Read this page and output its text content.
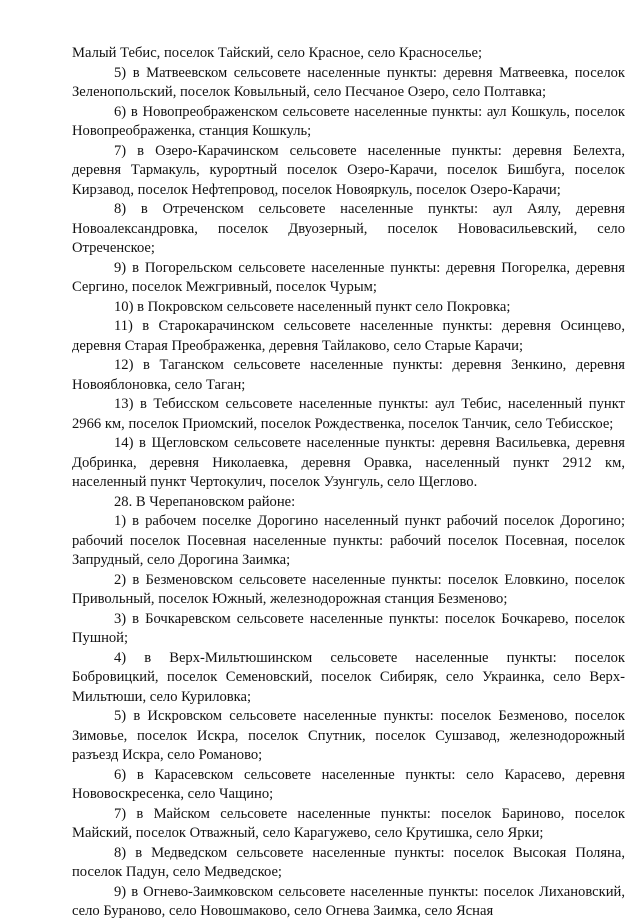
Малый Тебис, поселок Тайский, село Красное, село Красноселье;

5) в Матвеевском сельсовете населенные пункты: деревня Матвеевка, поселок Зеленопольский, поселок Ковыльный, село Песчаное Озеро, село Полтавка;

6) в Новопреображенском сельсовете населенные пункты: аул Кошкуль, поселок Новопреображенка, станция Кошкуль;

7) в Озеро-Карачинском сельсовете населенные пункты: деревня Белехта, деревня Тармакуль, курортный поселок Озеро-Карачи, поселок Бишбуга, поселок Кирзавод, поселок Нефтепровод, поселок Новояркуль, поселок Озеро-Карачи;

8) в Отреченском сельсовете населенные пункты: аул Аялу, деревня Новоалександровка, поселок Двуозерный, поселок Нововасильевский, село Отреченское;

9) в Погорельском сельсовете населенные пункты: деревня Погорелка, деревня Сергино, поселок Межгривный, поселок Чурым;

10) в Покровском сельсовете населенный пункт село Покровка;

11) в Старокарачинском сельсовете населенные пункты: деревня Осинцево, деревня Старая Преображенка, деревня Тайлаково, село Старые Карачи;

12) в Таганском сельсовете населенные пункты: деревня Зенкино, деревня Новояблоновка, село Таган;

13) в Тебисском сельсовете населенные пункты: аул Тебис, населенный пункт 2966 км, поселок Приомский, поселок Рождественка, поселок Танчик, село Тебисское;

14) в Щегловском сельсовете населенные пункты: деревня Васильевка, деревня Добринка, деревня Николаевка, деревня Оравка, населенный пункт 2912 км, населенный пункт Чертокулич, поселок Узунгуль, село Щеглово.

28. В Черепановском районе:

1) в рабочем поселке Дорогино населенный пункт рабочий поселок Дорогино; рабочий поселок Посевная населенные пункты: рабочий поселок Посевная, поселок Запрудный, село Дорогина Заимка;

2) в Безменовском сельсовете населенные пункты: поселок Еловкино, поселок Привольный, поселок Южный, железнодорожная станция Безменово;

3) в Бочкаревском сельсовете населенные пункты: поселок Бочкарево, поселок Пушной;

4) в Верх-Мильтюшинском сельсовете населенные пункты: поселок Бобровицкий, поселок Семеновский, поселок Сибиряк, село Украинка, село Верх-Мильтюши, село Куриловка;

5) в Искровском сельсовете населенные пункты: поселок Безменово, поселок Зимовье, поселок Искра, поселок Спутник, поселок Сушзавод, железнодорожный разъезд Искра, село Романово;

6) в Карасевском сельсовете населенные пункты: село Карасево, деревня Нововоскресенка, село Чащино;

7) в Майском сельсовете населенные пункты: поселок Бариново, поселок Майский, поселок Отважный, село Карагужево, село Крутишка, село Ярки;

8) в Медведском сельсовете населенные пункты: поселок Высокая Поляна, поселок Падун, село Медведское;

9) в Огнево-Заимковском сельсовете населенные пункты: поселок Лихановский, село Бураново, село Новошмаково, село Огнева Заимка, село Ясная
